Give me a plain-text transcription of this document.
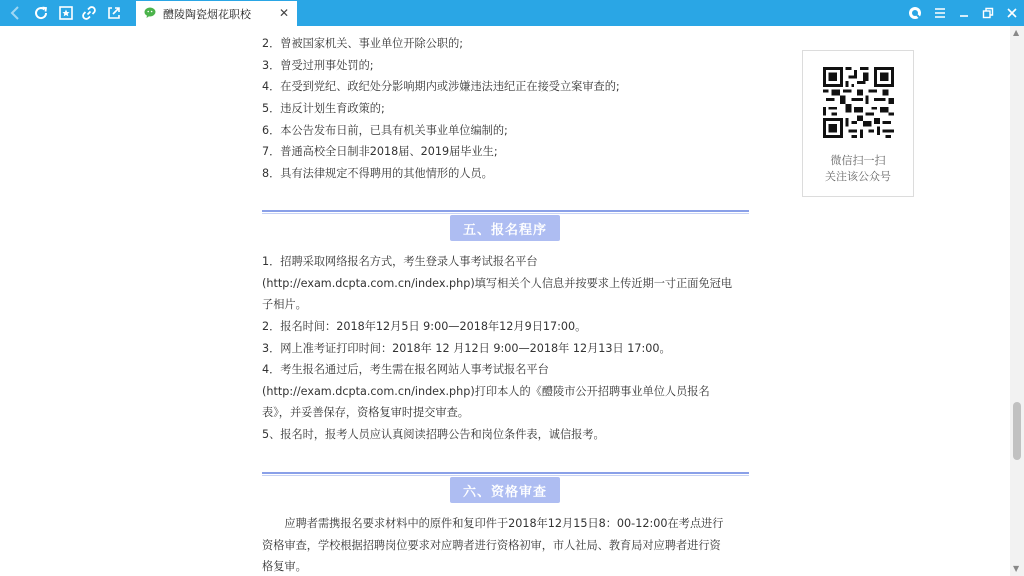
醴陵陶瓷烟花职校 ✕
2．曾被国家机关、事业单位开除公职的;
3．曾受过刑事处罚的;
4．在受到党纪、政纪处分影响期内或涉嫌违法违纪正在接受立案审查的;
5．违反计划生育政策的;
6．本公告发布日前，已具有机关事业单位编制的;
7．普通高校全日制非2018届、2019届毕业生;
8．具有法律规定不得聘用的其他情形的人员。
1．招聘采取网络报名方式，考生登录人事考试报名平台
(http://exam.dcpta.com.cn/index.php)填写相关个人信息并按要求上传近期一寸正面免冠电
子相片。
2．报名时间：2018年12月5日 9:00—2018年12月9日17:00。
3．网上准考证打印时间：2018年 12 月12日 9:00—2018年 12月13日 17:00。
4．考生报名通过后，考生需在报名网站人事考试报名平台
(http://exam.dcpta.com.cn/index.php)打印本人的《醴陵市公开招聘事业单位人员报名
表》，并妥善保存，资格复审时提交审查。
5、报名时，报考人员应认真阅读招聘公告和岗位条件表，诚信报考。
　　应聘者需携报名要求材料中的原件和复印件于2018年12月15日8：00-12:00在考点进行
资格审查，学校根据招聘岗位要求对应聘者进行资格初审，市人社局、教育局对应聘者进行资
格复审。
五、报名程序
六、资格审查
微信扫一扫
关注该公众号
▲
▼
